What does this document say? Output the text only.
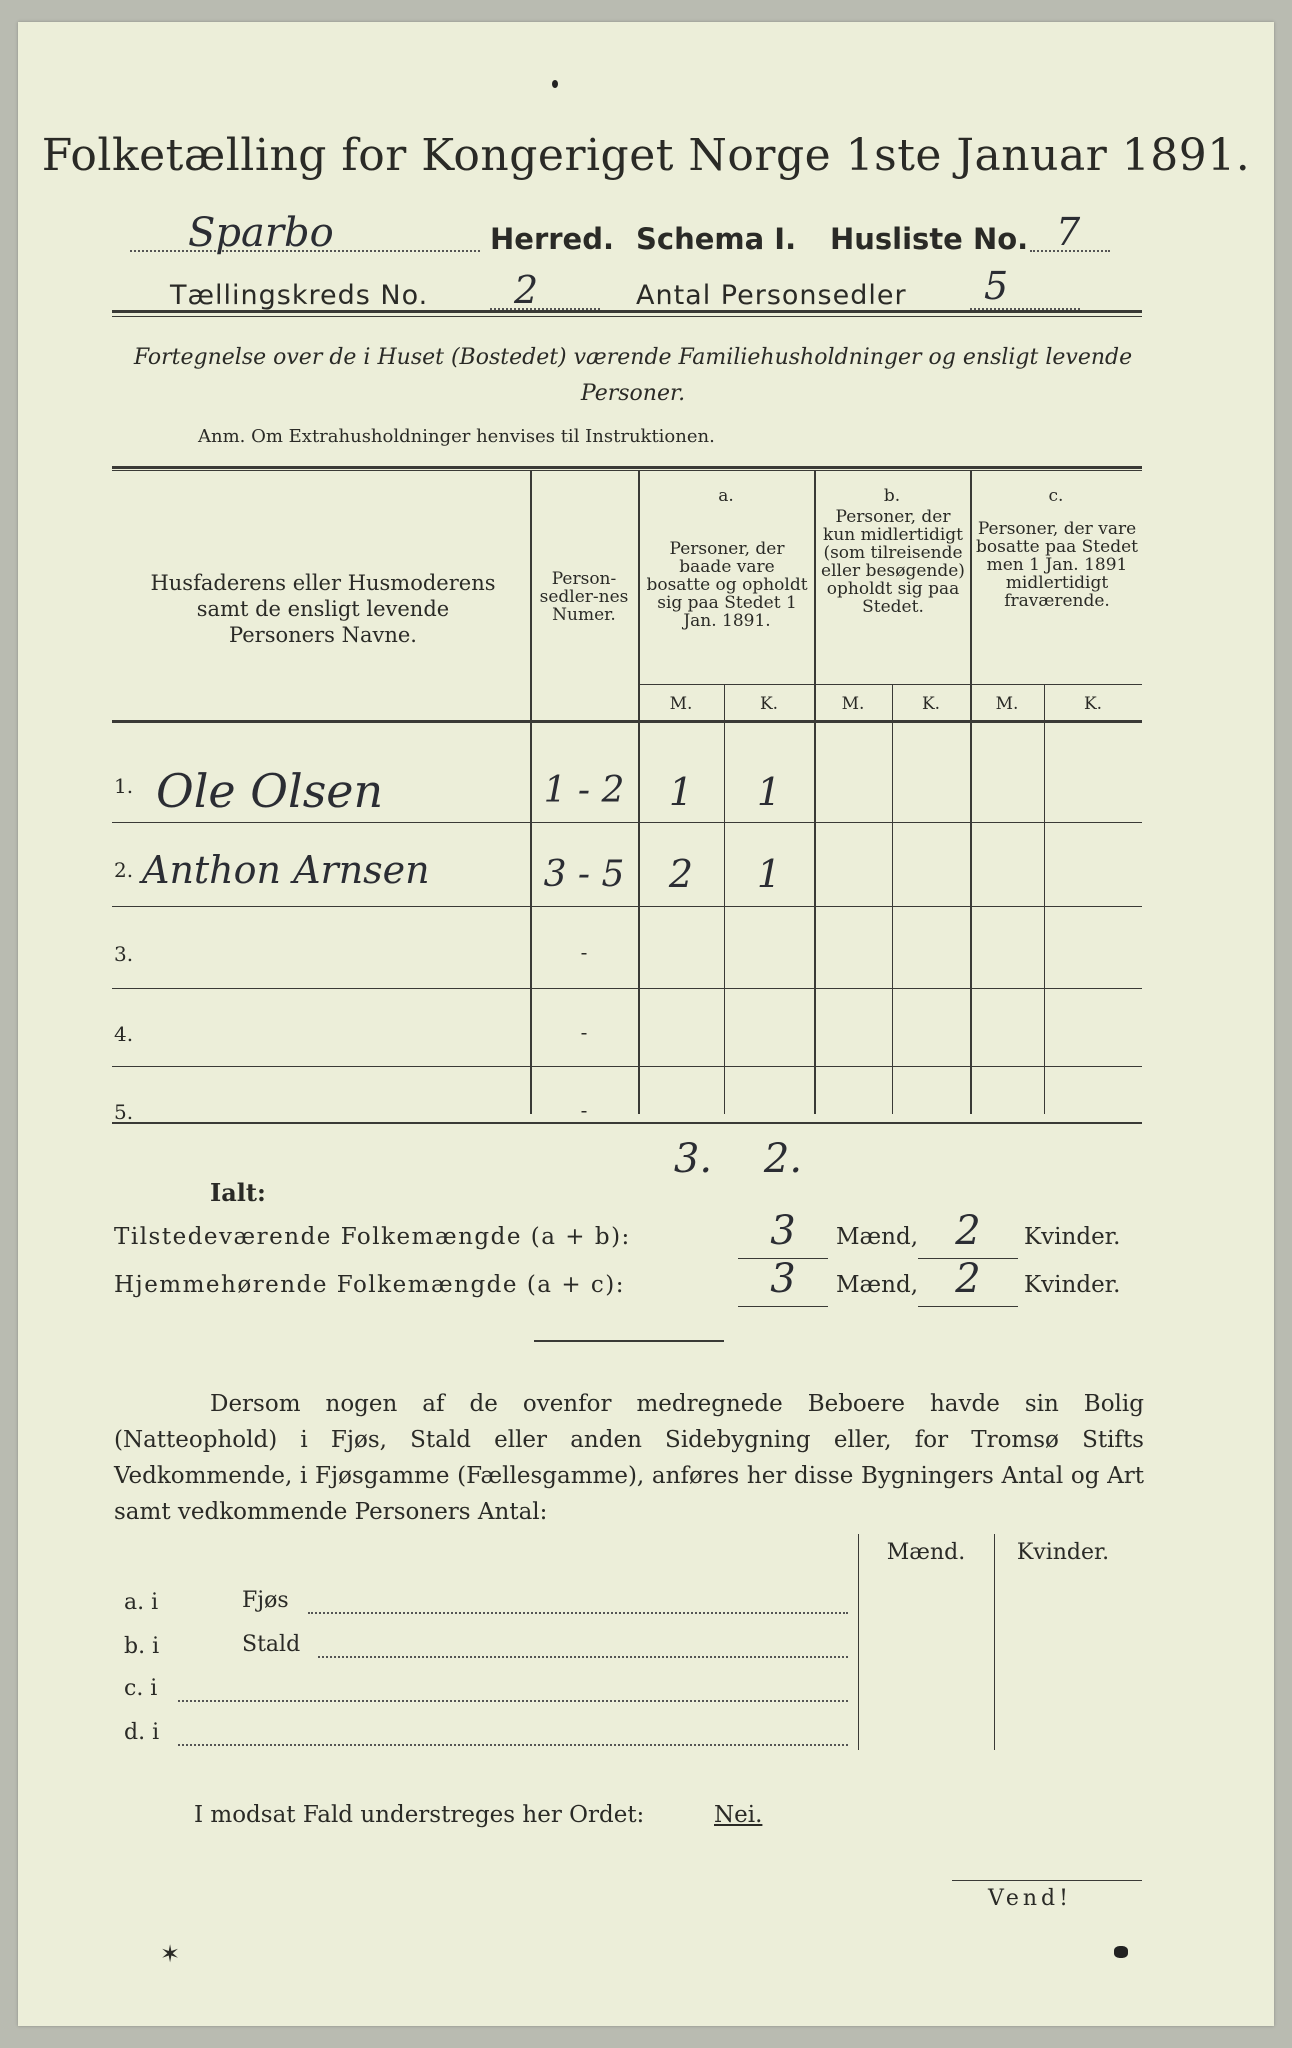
Folketælling for Kongeriget Norge 1ste Januar 1891.
Sparbo	Herred. Schema I. Husliste No. 7
Tællingskreds No. 2	Antal Personsedler 5
Fortegnelse over de i Huset (Bostedet) værende Familiehusholdninger og ensligt levende Personer.
Anm. Om Extrahusholdninger henvises til Instruktionen.
Husfaderens eller Husmoderens samt de ensligt levende Personers Navne.
Person-sedler-nes Numer.
a.
Personer, der baade vare bosatte og opholdt sig paa Stedet 1 Jan. 1891.
b.
Personer, der kun midlertidigt (som tilreisende eller besøgende) opholdt sig paa Stedet.
c.
Personer, der vare bosatte paa Stedet men 1 Jan. 1891 midlertidigt fraværende.
M.	K.	M.	K.	M.	K.
1. Ole Olsen	1 - 2	1	1
2. Anthon Arnsen	3 - 5	2	1
3.	-
4.	-
5.	-
Ialt:
3.	2.
Tilstedeværende Folkemængde (a + b):	3	Mænd, 2	Kvinder.
Hjemmehørende Folkemængde (a + c):	3	Mænd, 2	Kvinder.
Dersom nogen af de ovenfor medregnede Beboere havde sin Bolig (Natteophold) i Fjøs, Stald eller anden Sidebygning eller, for Tromsø Stifts Vedkommende, i Fjøsgamme (Fællesgamme), anføres her disse Bygningers Antal og Art samt vedkommende Personers Antal:
Mænd.	Kvinder.
a. i	Fjøs
b. i	Stald
c. i
d. i
I modsat Fald understreges her Ordet:	Nei.
Vend!
✶
